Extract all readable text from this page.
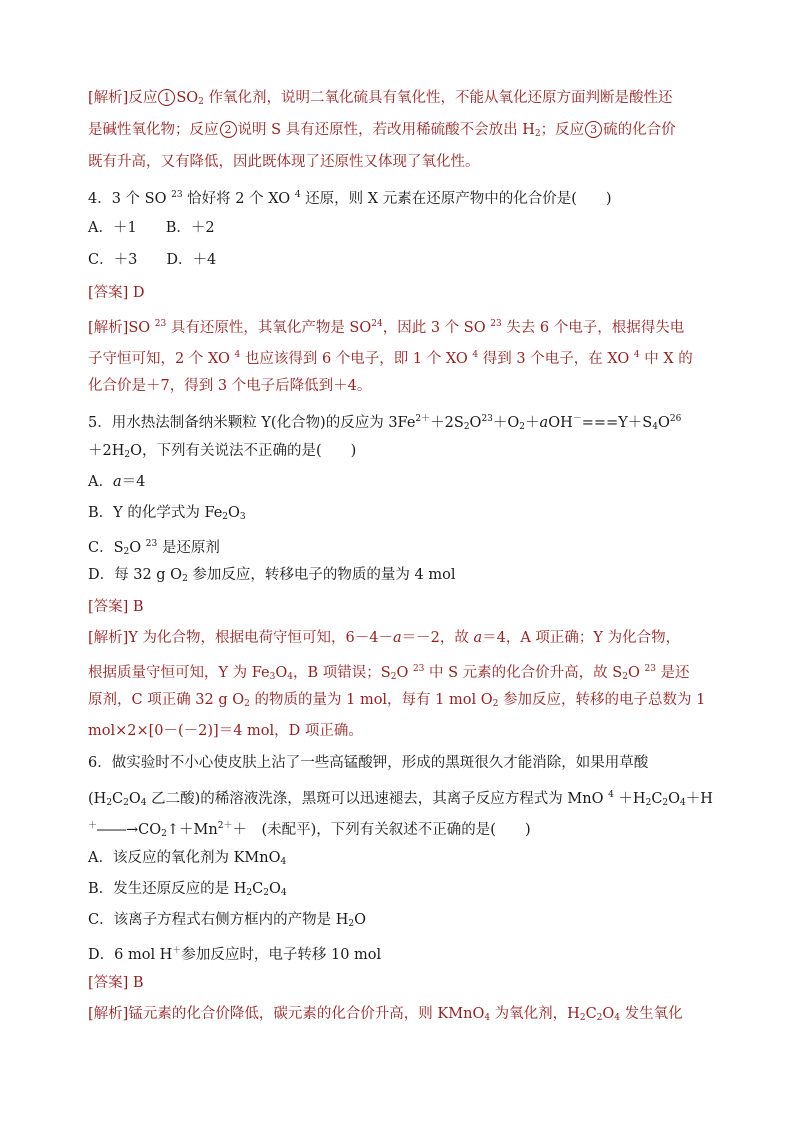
[解析]反应 1 $SO_2$ 作氧化剂，说明二氧化硫具有氧化性，不能从氧化还原方面判断是酸性还
是碱性氧化物；反应 2 说明 S 具有还原性，若改用稀硫酸不会放出 $H_2$；反应 3 硫的化合价
既有升高，又有降低，因此既体现了还原性又体现了氧化性。
4．3 个 SO $^{23}$ 恰好将 2 个 XO $^4$ 还原，则 X 元素在还原产物中的化合价是(　　)
A．＋1　　B．＋2
C．＋3　　D．＋4
[答案] D
[解析]SO $^{23}$ 具有还原性，其氧化产物是 SO$^{24}$，因此 3 个 SO $^{23}$ 失去 6 个电子，根据得失电
子守恒可知，2 个 XO $^4$ 也应该得到 6 个电子，即 1 个 XO $^4$ 得到 3 个电子，在 XO $^4$ 中 X 的
化合价是＋7，得到 3 个电子后降低到＋4。
5．用水热法制备纳米颗粒 Y(化合物)的反应为 $3Fe^{2+}+2S_2O^{23}+O_2+aOH^-===Y+S_4O^{26}$
$+2H_2O$，下列有关说法不正确的是(　　)
A．a＝4
B．Y 的化学式为 $Fe_2O_3$
C．$S_2O$ $^{23}$ 是还原剂
D．每 32 g $O_2$ 参加反应，转移电子的物质的量为 4 mol
[答案] B
[解析]Y 为化合物，根据电荷守恒可知，6－4－a＝－2，故 a＝4，A 项正确；Y 为化合物，
根据质量守恒可知，Y 为 $Fe_3O_4$，B 项错误；$S_2O$ $^{23}$ 中 S 元素的化合价升高，故 $S_2O$ $^{23}$ 是还
原剂，C 项正确 32 g $O_2$ 的物质的量为 1 mol，每有 1 mol $O_2$ 参加反应，转移的电子总数为 1
mol×2×[0－(－2)]＝4 mol，D 项正确。
6．做实验时不小心使皮肤上沾了一些高锰酸钾，形成的黑斑很久才能消除，如果用草酸
($H_2C_2O_4$ 乙二酸)的稀溶液洗涤，黑斑可以迅速褪去，其离子反应方程式为 MnO $^4 +H_2C_2O_4+H$
$^+――\to CO_2↑+Mn^{2+}+$　(未配平)，下列有关叙述不正确的是(　　)
A．该反应的氧化剂为 KMnO$_4$
B．发生还原反应的是 $H_2C_2O_4$
C．该离子方程式右侧方框内的产物是 $H_2O$
D．6 mol H＋参加反应时，电子转移 10 mol
[答案] B
[解析]锰元素的化合价降低，碳元素的化合价升高，则 KMnO$_4$ 为氧化剂，$H_2C_2O_4$ 发生氧化
